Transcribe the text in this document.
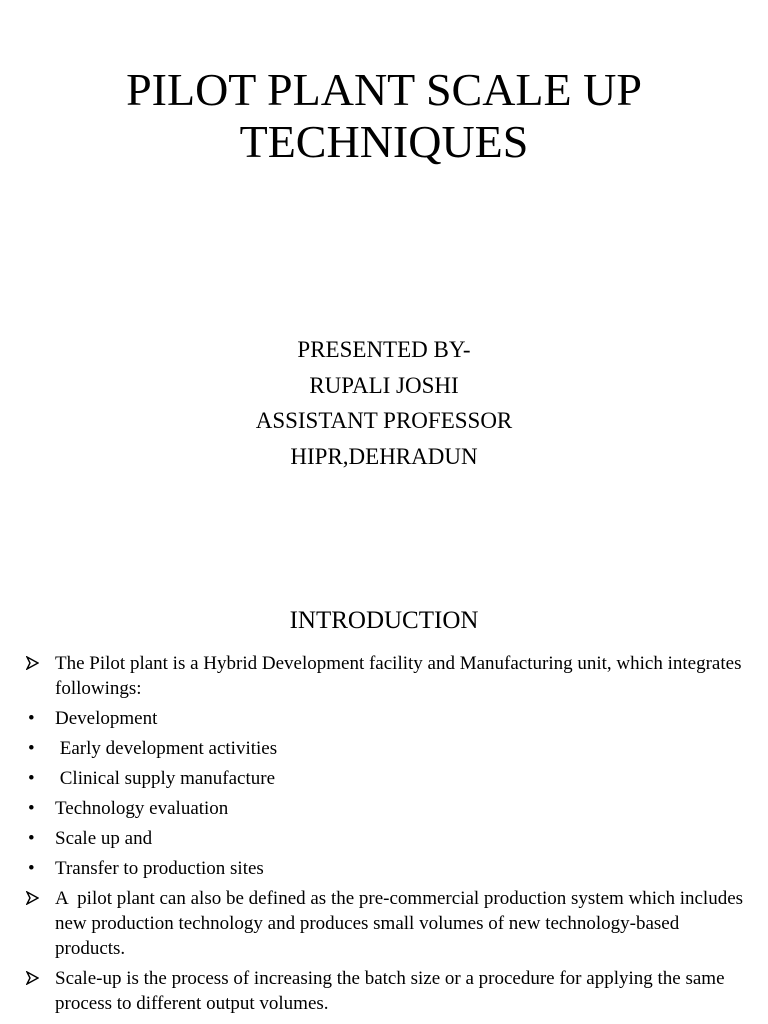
PILOT PLANT SCALE UP
TECHNIQUES
PRESENTED BY-
RUPALI JOSHI
ASSISTANT PROFESSOR
HIPR,DEHRADUN
INTRODUCTION
The Pilot plant is a Hybrid Development facility and Manufacturing unit, which integrates followings:
•	Development
•	Early development activities
•	Clinical supply manufacture
•	Technology evaluation
•	Scale up and
•	Transfer to production sites
A  pilot plant can also be defined as the pre-commercial production system which includes new production technology and produces small volumes of new technology-based products.
Scale-up is the process of increasing the batch size or a procedure for applying the same process to different output volumes.
